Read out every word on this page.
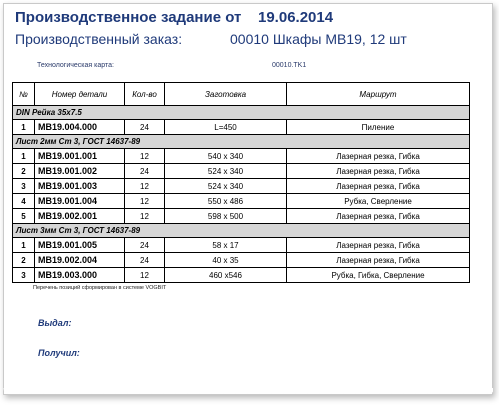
Производственное задание от 19.06.2014
Производственный заказ:	00010 Шкафы MB19, 12 шт
Технологическая карта:	00010.TK1
№	Номер детали	Кол-во	Заготовка	Маршрут
DIN Рейка 35х7.5				
1	MB19.004.000	24	L=450	Пиление
Лист 2мм Ст 3, ГОСТ 14637-89				
1	MB19.001.001	12	540 x 340	Лазерная резка, Гибка
2	MB19.001.002	24	524 x 340	Лазерная резка, Гибка
3	MB19.001.003	12	524 x 340	Лазерная резка, Гибка
4	MB19.001.004	12	550 x 486	Рубка, Сверление
5	MB19.002.001	12	598 x 500	Лазерная резка, Гибка
Лист 3мм Ст 3, ГОСТ 14637-89				
1	MB19.001.005	24	58 x 17	Лазерная резка, Гибка
2	MB19.002.004	24	40 x 35	Лазерная резка, Гибка
3	MB19.003.000	12	460 x546	Рубка, Гибка, Сверление
Перечень позиций сформирован в системе VOGBIT
Выдал:
Получил:
